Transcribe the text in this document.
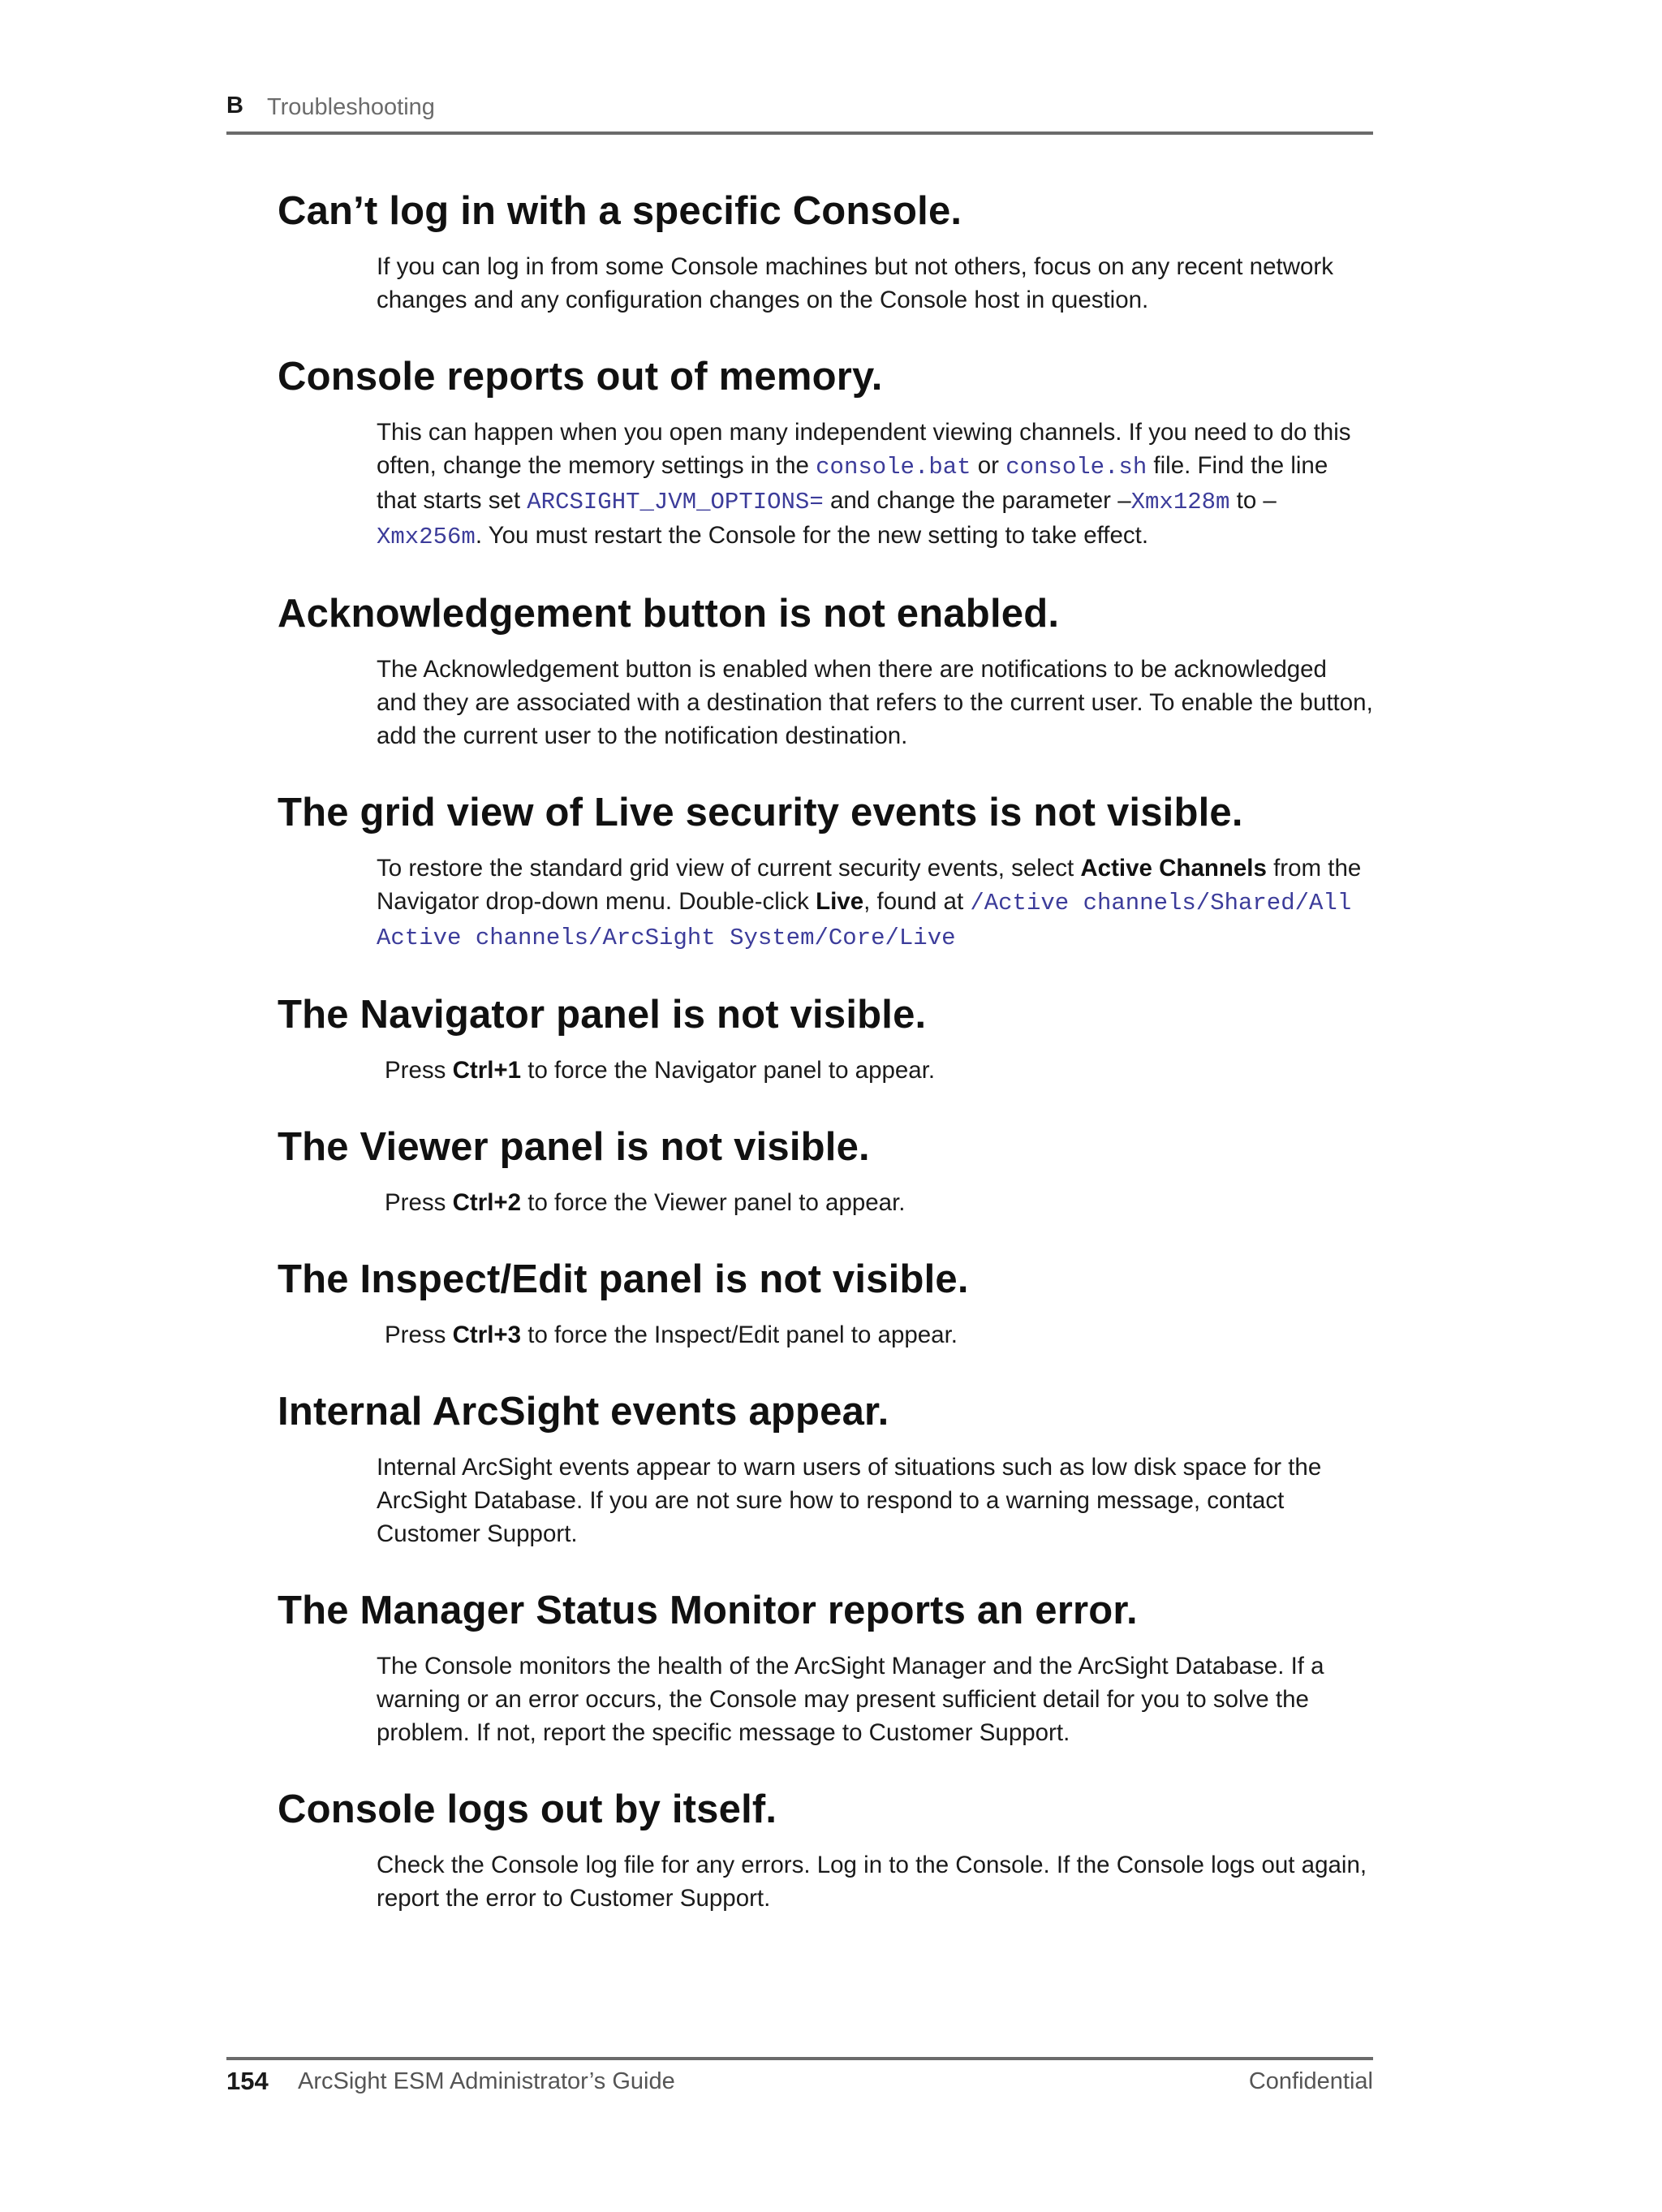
B Troubleshooting
Can’t log in with a specific Console.

If you can log in from some Console machines but not others, focus on any recent network changes and any configuration changes on the Console host in question.

Console reports out of memory.

This can happen when you open many independent viewing channels. If you need to do this often, change the memory settings in the console.bat or console.sh file. Find the line that starts set ARCSIGHT_JVM_OPTIONS= and change the parameter –Xmx128m to –Xmx256m. You must restart the Console for the new setting to take effect.

Acknowledgement button is not enabled.

The Acknowledgement button is enabled when there are notifications to be acknowledged and they are associated with a destination that refers to the current user. To enable the button, add the current user to the notification destination.

The grid view of Live security events is not visible.

To restore the standard grid view of current security events, select Active Channels from the Navigator drop-down menu. Double-click Live, found at /Active channels/Shared/All Active channels/ArcSight System/Core/Live

The Navigator panel is not visible.

Press Ctrl+1 to force the Navigator panel to appear.

The Viewer panel is not visible.

Press Ctrl+2 to force the Viewer panel to appear.

The Inspect/Edit panel is not visible.

Press Ctrl+3 to force the Inspect/Edit panel to appear.

Internal ArcSight events appear.

Internal ArcSight events appear to warn users of situations such as low disk space for the ArcSight Database. If you are not sure how to respond to a warning message, contact Customer Support.

The Manager Status Monitor reports an error.

The Console monitors the health of the ArcSight Manager and the ArcSight Database. If a warning or an error occurs, the Console may present sufficient detail for you to solve the problem. If not, report the specific message to Customer Support.

Console logs out by itself.

Check the Console log file for any errors. Log in to the Console. If the Console logs out again, report the error to Customer Support.

154 ArcSight ESM Administrator’s Guide	Confidential
